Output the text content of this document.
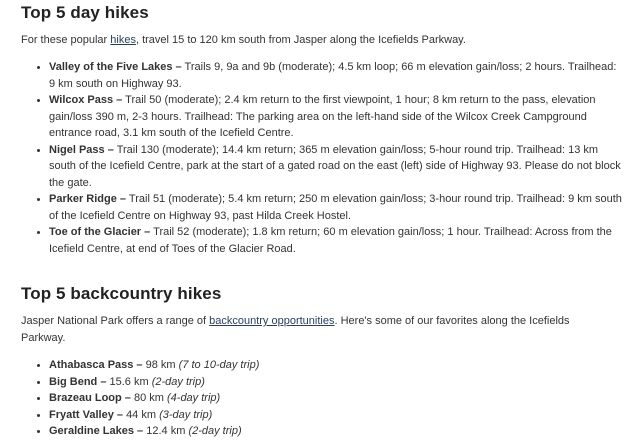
Top 5 day hikes

For these popular hikes, travel 15 to 120 km south from Jasper along the Icefields Parkway.

• Valley of the Five Lakes – Trails 9, 9a and 9b (moderate); 4.5 km loop; 66 m elevation gain/loss; 2 hours. Trailhead: 9 km south on Highway 93.
• Wilcox Pass – Trail 50 (moderate); 2.4 km return to the first viewpoint, 1 hour; 8 km return to the pass, elevation gain/loss 390 m, 2-3 hours. Trailhead: The parking area on the left-hand side of the Wilcox Creek Campground entrance road, 3.1 km south of the Icefield Centre.
• Nigel Pass – Trail 130 (moderate); 14.4 km return; 365 m elevation gain/loss; 5-hour round trip. Trailhead: 13 km south of the Icefield Centre, park at the start of a gated road on the east (left) side of Highway 93. Please do not block the gate.
• Parker Ridge – Trail 51 (moderate); 5.4 km return; 250 m elevation gain/loss; 3-hour round trip. Trailhead: 9 km south of the Icefield Centre on Highway 93, past Hilda Creek Hostel.
• Toe of the Glacier – Trail 52 (moderate); 1.8 km return; 60 m elevation gain/loss; 1 hour. Trailhead: Across from the Icefield Centre, at end of Toes of the Glacier Road.
Top 5 backcountry hikes

Jasper National Park offers a range of backcountry opportunities. Here's some of our favorites along the Icefields Parkway.

• Athabasca Pass – 98 km (7 to 10-day trip)
• Big Bend – 15.6 km (2-day trip)
• Brazeau Loop – 80 km (4-day trip)
• Fryatt Valley – 44 km (3-day trip)
• Geraldine Lakes – 12.4 km (2-day trip)
